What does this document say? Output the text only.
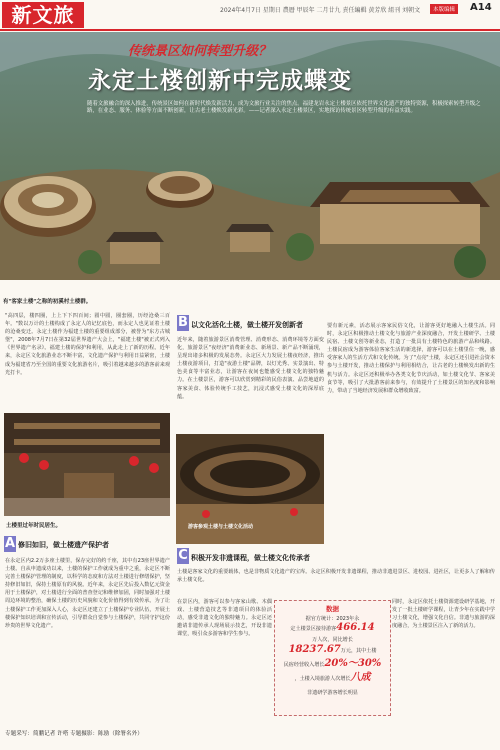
新文旅	2024年4月7日 星期日 農曆 甲辰年 二月廿九 責任編輯 黄芳欣 組刊 刘朝文	本版编辑	A14
传统景区如何转型升级？
永定土楼创新中完成蝶变
随着文旅融合的深入推进，传统景区如何在新时代焕发新活力，成为文旅行业关注的焦点。福建龙岩永定土楼景区依托世界文化遗产的独特资源，积极探索转型升级之路，在业态、服务、体验等方面不断创新，让古老土楼焕发新光彩。——记者深入永定土楼景区，实地探访传统景区转型升级的有益实践。
有"客家土楼"之称的初溪村土楼群。
"高四层，楼四圈，上上下下四百间；圆中圆，圈套圈，历经沧桑三百年。"数以万计的土楼构成了永定人的记忆底色，而永定人也见证着土楼的沧桑变迁。永定土楼作为福建土楼的重要组成部分，被誉为"东方古城堡"，2008年7月7日在第32届世界遗产大会上，"福建土楼"被正式列入《世界遗产名录》。福建土楼的保护和利用，从此走上了新的历程。近年来，永定区文化旅游业态不断丰富，文化遗产保护与利用日益紧密，土楼成为福建省乃至全国的重要文化旅游名片，吸引着越来越多的游客前来观光打卡。
土楼里过年时民居生。
A 修旧如旧，做土楼遗产保护者
在永定区内2.2万多座土楼里，保存完好的约千座，其中有23座世界遗产土楼。自从申遗成功以来，土楼的保护工作就成为重中之重，永定区不断完善土楼保护管理的制度，以科学的态度和方法对土楼进行修缮保护，坚持修旧如旧，保持土楼原有的风貌。近年来，永定区先后投入数亿元资金用于土楼保护，对土楼进行全面的普查登记和维修加固，同时加强对土楼周边环境的整治，确保土楼的历史风貌和文化价值得到有效传承。为了让土楼保护工作更加深入人心，永定区还建立了土楼保护专业队伍，开展土楼保护知识培训和宣传活动，引导群众自觉参与土楼保护，共同守护这份珍贵的世界文化遗产。
专题采写：简鹏记者 许嗒 专题摄影：陈励（除署名外）
B 以文化活化土楼，做土楼开发创新者
近年来，随着旅游景区消费管理、消费形态、消费环境等方面变化，旅游景区"夜经济"消费新业态、新场景、新产品不断涌现，呈现出诸多积极的发展态势。永定区大力发展土楼夜经济，推出土楼夜游项目，打造"夜游土楼"品牌，以灯光秀、实景演出、特色美食等丰富业态，让游客在夜间也能感受土楼文化的独特魅力。在土楼景区，游客可以欣赏到精彩的民俗表演、品尝地道的客家美食、体验传统手工技艺，沉浸式感受土楼文化的深厚底蕴。
要有新元素，活态展示客家民俗文化，让游客更好地融入土楼生活。同时，永定区积极推动土楼文化与旅游产业深度融合，开发土楼研学、土楼民宿、土楼文创等新业态，打造了一批具有土楼特色的旅游产品和线路。土楼民宿成为游客体验客家生活的新选择，游客可以在土楼里住一晚，感受客家人的生活方式和文化传统。为了"点亮"土楼，永定区还引进社会资本参与土楼开发，推动土楼保护与利用相结合，让古老的土楼焕发出新的生机与活力。永定区还积极举办各类文化节庆活动，如土楼文化节、客家美食节等，吸引了大批游客前来参与，有效提升了土楼景区的知名度和影响力，带动了当地经济发展和群众增收致富。
游客参观土楼与土楼文化活动
C 积极开发非遗课程，做土楼文化传承者
土楼是客家文化的重要载体，也是非物质文化遗产的宝库。永定区积极开发非遗课程，推动非遗进景区、进校园、进社区，让更多人了解和传承土楼文化。
在景区内，游客可以参与客家山歌、木偶戏、土楼营造技艺等非遗项目的体验活动，感受非遗文化的独特魅力。永定区还邀请非遗传承人现场展示技艺，开设非遗课堂，吸引众多游客和学生参与。
同时，永定区依托土楼资源建设研学基地，开发了一批土楼研学课程，让青少年在实践中学习土楼文化，增强文化自信。非遗与旅游的深度融合，为土楼景区注入了新的活力。
数据
据官方统计：2023年永
定土楼景区接待游客466.14
万人次，同比增长
18237.67万元，其中土楼
民宿经营收入增长20%～30%
，土楼入境旅游人次增长八成
非遗研学游客增长明显
